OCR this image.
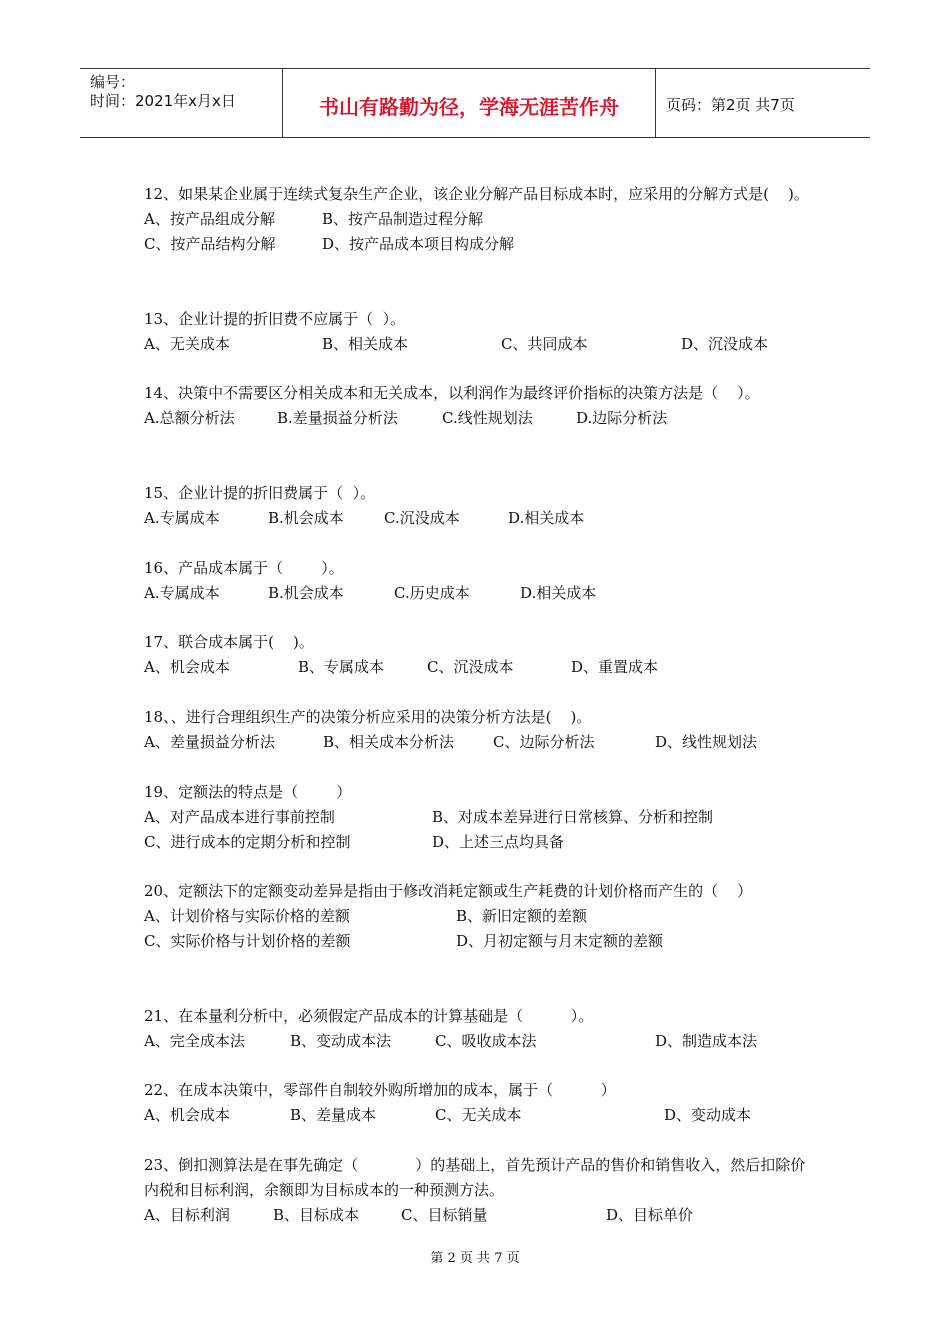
编号：
时间：2021年x月x日	书山有路勤为径，学海无涯苦作舟	页码：第2页 共7页
12、如果某企业属于连续式复杂生产企业，该企业分解产品目标成本时，应采用的分解方式是(    )。
A、按产品组成分解	B、按产品制造过程分解
C、按产品结构分解	D、按产品成本项目构成分解
13、企业计提的折旧费不应属于（  ）。
A、无关成本	B、相关成本	C、共同成本	D、沉没成本
14、决策中不需要区分相关成本和无关成本，以利润作为最终评价指标的决策方法是（    ）。
A.总额分析法	B.差量损益分析法	C.线性规划法	D.边际分析法
15、企业计提的折旧费属于（  ）。
A.专属成本	B.机会成本	C.沉没成本	D.相关成本
16、产品成本属于（        ）。
A.专属成本	B.机会成本	C.历史成本	D.相关成本
17、联合成本属于(    )。
A、机会成本	B、专属成本	C、沉没成本	D、重置成本
18、、进行合理组织生产的决策分析应采用的决策分析方法是(    )。
A、差量损益分析法	B、相关成本分析法	C、边际分析法	D、线性规划法
19、定额法的特点是（        ）
A、对产品成本进行事前控制	B、对成本差异进行日常核算、分析和控制
C、进行成本的定期分析和控制	D、上述三点均具备
20、定额法下的定额变动差异是指由于修改消耗定额或生产耗费的计划价格而产生的（    ）
A、计划价格与实际价格的差额	B、新旧定额的差额
C、实际价格与计划价格的差额	D、月初定额与月末定额的差额
21、在本量利分析中，必须假定产品成本的计算基础是（          ）。
A、完全成本法	B、变动成本法	C、吸收成本法	D、制造成本法
22、在成本决策中，零部件自制较外购所增加的成本，属于（          ）
A、机会成本	B、差量成本	C、无关成本	D、变动成本
23、倒扣测算法是在事先确定（            ）的基础上，首先预计产品的售价和销售收入，然后扣除价内税和目标利润，余额即为目标成本的一种预测方法。
A、目标利润	B、目标成本	C、目标销量	D、目标单价
第 2 页 共 7 页
